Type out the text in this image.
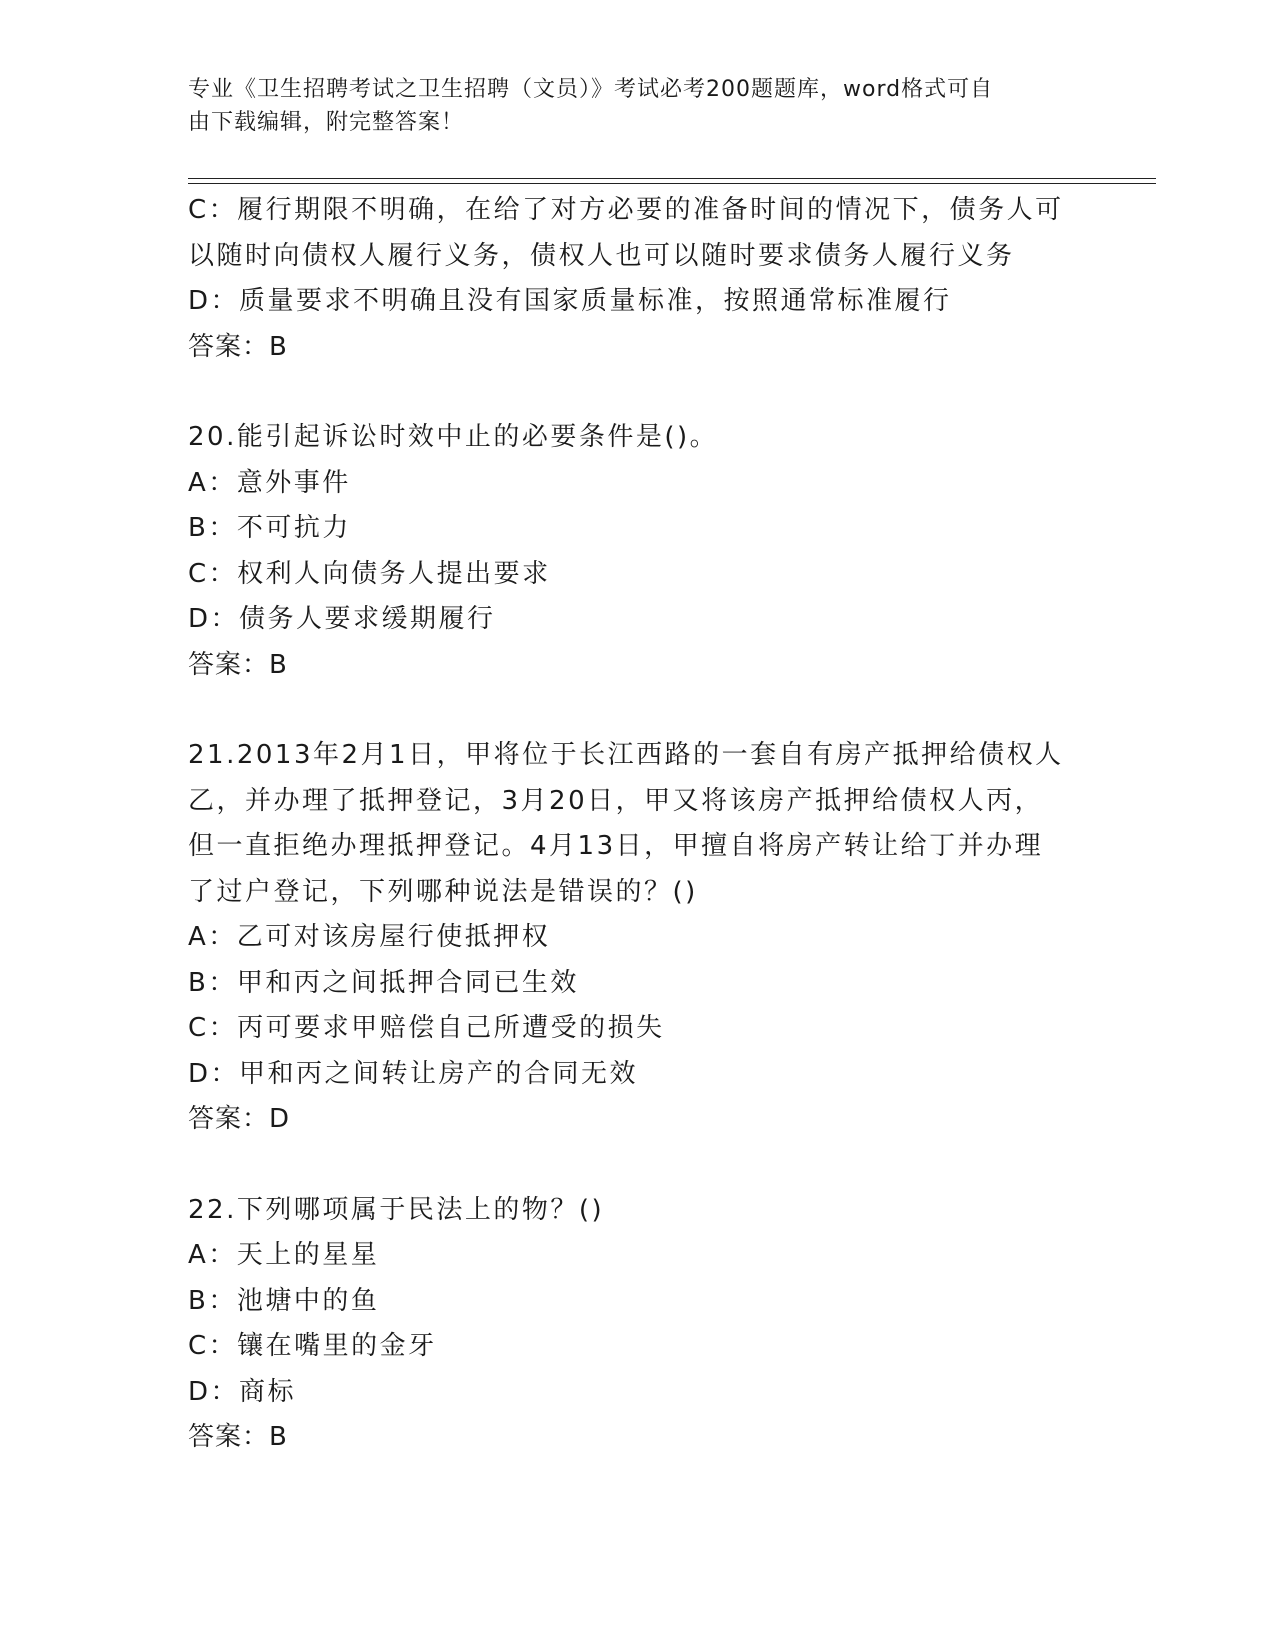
专业《卫生招聘考试之卫生招聘（文员）》考试必考200题题库，word格式可自
由下载编辑，附完整答案！
C：履行期限不明确，在给了对方必要的准备时间的情况下，债务人可
以随时向债权人履行义务，债权人也可以随时要求债务人履行义务
D：质量要求不明确且没有国家质量标准，按照通常标准履行
答案：B
20.能引起诉讼时效中止的必要条件是()。
A：意外事件
B：不可抗力
C：权利人向债务人提出要求
D：债务人要求缓期履行
答案：B
21.2013年2月1日，甲将位于长江西路的一套自有房产抵押给债权人
乙，并办理了抵押登记，3月20日，甲又将该房产抵押给债权人丙，
但一直拒绝办理抵押登记。4月13日，甲擅自将房产转让给丁并办理
了过户登记，下列哪种说法是错误的？()
A：乙可对该房屋行使抵押权
B：甲和丙之间抵押合同已生效
C：丙可要求甲赔偿自己所遭受的损失
D：甲和丙之间转让房产的合同无效
答案：D
22.下列哪项属于民法上的物？()
A：天上的星星
B：池塘中的鱼
C：镶在嘴里的金牙
D：商标
答案：B
